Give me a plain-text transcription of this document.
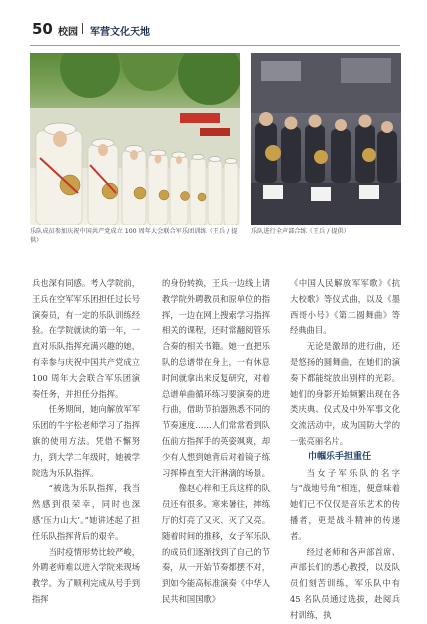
50 校园 军营文化天地
乐队成员参加庆祝中国共产党成立 100 周年大会联合军乐团训练（王兵 / 提供）
乐队进行全声部合练（王兵 / 提供）

兵也深有同感。考入学院前，王兵在空军军乐团担任过长号演奏员，有一定的乐队训练经验。在学院就读的第一年，一直对乐队指挥充满兴趣的她，有幸参与庆祝中国共产党成立 100 周年大会联合军乐团演奏任务，并担任分指挥。

任务期间，她向解放军军乐团的牛宇松老师学习了指挥旗的使用方法。凭借不懈努力，到大学二年级时，她被学院选为乐队指挥。

“被选为乐队指挥，我当然感到很荣幸，同时也深感‘压力山大’。”她讲述起了担任乐队指挥背后的艰辛。

当时疫情形势比较严峻，外聘老师难以进入学院来现场教学。为了顺利完成从号手到指挥

的身份转换，王兵一边线上请教学院外聘教员和原单位的指挥，一边在网上搜索学习指挥相关的课程，还时常翻阅管乐合奏的相关书籍。她一直把乐队的总谱带在身上，一有休息时间就拿出来反复研究，对着总谱单曲循环练习要演奏的进行曲，借助节拍器熟悉不同的节奏速度……人们常常看到队伍前方指挥手的英姿飒爽，却少有人想到她背后对着镜子练习挥棒直至大汗淋漓的场景。

像赵心梓和王兵这样的队员还有很多。寒来暑往，摔练厅的灯亮了又灭、灭了又亮。随着时间的推移，女子军乐队的成员们逐渐找到了自己的节奏，从一开始节奏都摆不对，到如今能高标准演奏《中华人民共和国国歌》

《中国人民解放军军歌》《抗大校歌》等仪式曲，以及《墨西哥小号》《第二圆舞曲》等经典曲目。

无论是激昂的进行曲，还是悠扬的圆舞曲，在她们的演奏下都能绽放出别样的光彩。她们的身影开始频繁出现在各类庆典、仪式及中外军事文化交流活动中，成为国防大学的一张亮丽名片。

巾帼乐手担重任

当女子军乐队的名字与“战地号角”相连，便意味着她们已不仅仅是音乐艺术的传播者，更是战斗精神的传递者。

经过老师和各声部首席、声部长们的悉心教授，以及队员们刻苦训练，军乐队中有 45 名队员通过选拔，赴阅兵村训练，执
